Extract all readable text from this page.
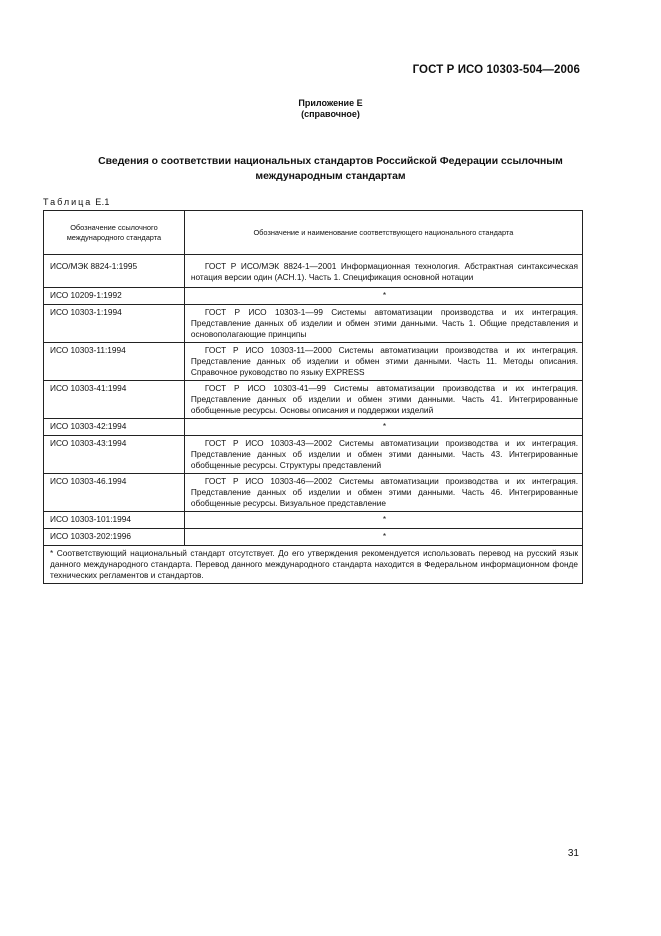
ГОСТ Р ИСО 10303-504—2006
Приложение Е
(справочное)
Сведения о соответствии национальных стандартов Российской Федерации ссылочным
международным стандартам
Таблица Е.1
Обозначение ссылочного международного стандарта	Обозначение и наименование соответствующего национального стандарта
ИСО/МЭК 8824-1:1995	ГОСТ Р ИСО/МЭК 8824-1—2001 Информационная технология. Абстрактная синтаксическая нотация версии один (АСН.1). Часть 1. Спецификация основной нотации
ИСО 10209-1:1992	*
ИСО 10303-1:1994	ГОСТ Р ИСО 10303-1—99 Системы автоматизации производства и их интеграция. Представление данных об изделии и обмен этими данными. Часть 1. Общие представления и основополагающие принципы
ИСО 10303-11:1994	ГОСТ Р ИСО 10303-11—2000 Системы автоматизации производства и их интеграция. Представление данных об изделии и обмен этими данными. Часть 11. Методы описания. Справочное руководство по языку EXPRESS
ИСО 10303-41:1994	ГОСТ Р ИСО 10303-41—99 Системы автоматизации производства и их интеграция. Представление данных об изделии и обмен этими данными. Часть 41. Интегрированные обобщенные ресурсы. Основы описания и поддержки изделий
ИСО 10303-42:1994	*
ИСО 10303-43:1994	ГОСТ Р ИСО 10303-43—2002 Системы автоматизации производства и их интеграция. Представление данных об изделии и обмен этими данными. Часть 43. Интегрированные обобщенные ресурсы. Структуры представлений
ИСО 10303-46.1994	ГОСТ Р ИСО 10303-46—2002 Системы автоматизации производства и их интеграция. Представление данных об изделии и обмен этими данными. Часть 46. Интегрированные обобщенные ресурсы. Визуальное представление
ИСО 10303-101:1994	*
ИСО 10303-202:1996	*
* Соответствующий национальный стандарт отсутствует. До его утверждения рекомендуется использовать перевод на русский язык данного международного стандарта. Перевод данного международного стандарта находится в Федеральном информационном фонде технических регламентов и стандартов.	
31
